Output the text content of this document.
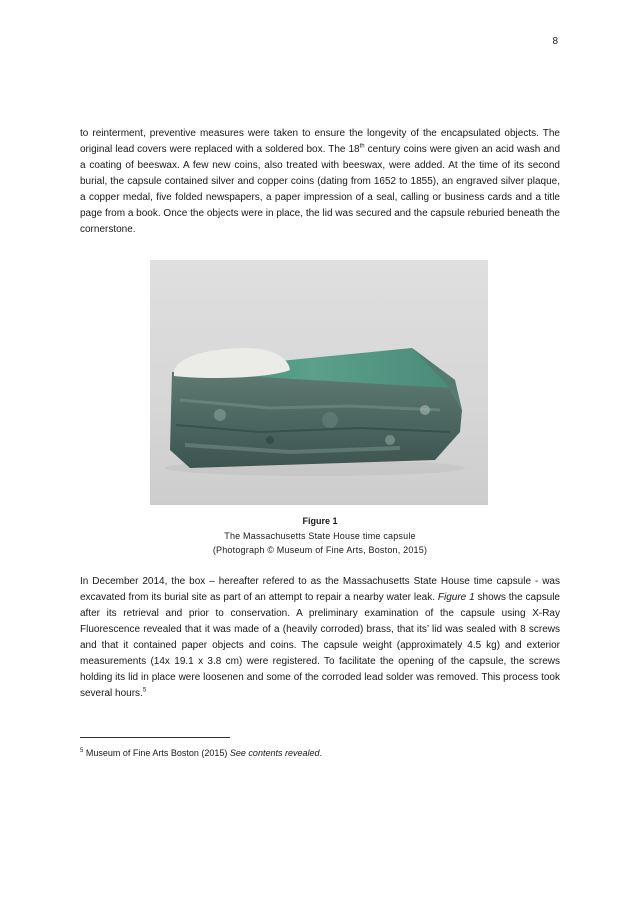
8

to reinterment, preventive measures were taken to ensure the longevity of the encapsulated objects. The original lead covers were replaced with a soldered box. The 18th century coins were given an acid wash and a coating of beeswax. A few new coins, also treated with beeswax, were added. At the time of its second burial, the capsule contained silver and copper coins (dating from 1652 to 1855), an engraved silver plaque, a copper medal, five folded newspapers, a paper impression of a seal, calling or business cards and a title page from a book. Once the objects were in place, the lid was secured and the capsule reburied beneath the cornerstone.

Figure 1
The Massachusetts State House time capsule
(Photograph © Museum of Fine Arts, Boston, 2015)

In December 2014, the box – hereafter refered to as the Massachusetts State House time capsule - was excavated from its burial site as part of an attempt to repair a nearby water leak. Figure 1 shows the capsule after its retrieval and prior to conservation. A preliminary examination of the capsule using X-Ray Fluorescence revealed that it was made of a (heavily corroded) brass, that its’ lid was sealed with 8 screws and that it contained paper objects and coins. The capsule weight (approximately 4.5 kg) and exterior measurements (14x 19.1 x 3.8 cm) were registered. To facilitate the opening of the capsule, the screws holding its lid in place were loosenen and some of the corroded lead solder was removed. This process took several hours.$^5$

$^5$ Museum of Fine Arts Boston (2015) See contents revealed.
